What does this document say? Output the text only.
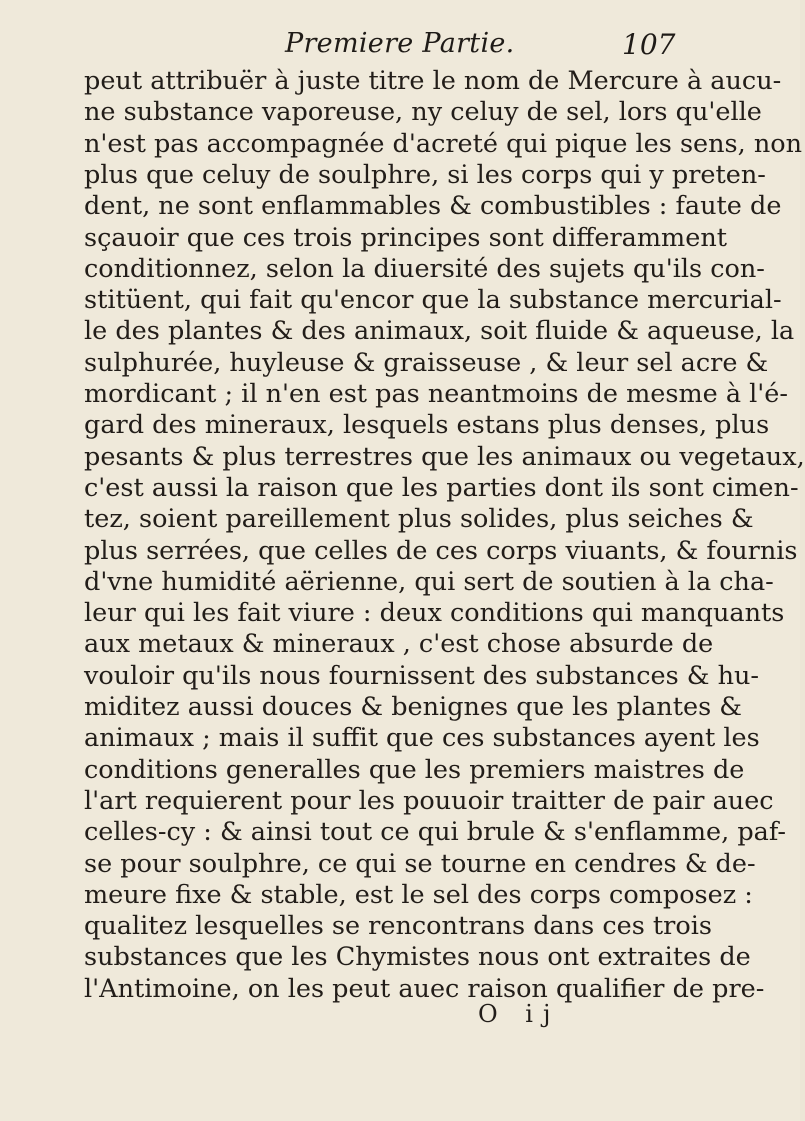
Premiere Partie.	107
peut attribuër à juste titre le nom de Mercure à aucu-
ne substance vaporeuse, ny celuy de sel, lors qu'elle
n'est pas accompagnée d'acreté qui pique les sens, non
plus que celuy de soulphre, si les corps qui y preten-
dent, ne sont enflammables & combustibles : faute de
sçauoir que ces trois principes sont differamment
conditionnez, selon la diuersité des sujets qu'ils con-
stitüent, qui fait qu'encor que la substance mercurial-
le des plantes & des animaux, soit fluide & aqueuse, la
sulphurée, huyleuse & graisseuse , & leur sel acre &
mordicant ; il n'en est pas neantmoins de mesme à l'é-
gard des mineraux, lesquels estans plus denses, plus
pesants & plus terrestres que les animaux ou vegetaux,
c'est aussi la raison que les parties dont ils sont cimen-
tez, soient pareillement plus solides, plus seiches &
plus serrées, que celles de ces corps viuants, & fournis
d'vne humidité aërienne, qui sert de soutien à la cha-
leur qui les fait viure : deux conditions qui manquants
aux metaux & mineraux , c'est chose absurde de
vouloir qu'ils nous fournissent des substances & hu-
miditez aussi douces & benignes que les plantes &
animaux ; mais il suffit que ces substances ayent les
conditions generalles que les premiers maistres de
l'art requierent pour les pouuoir traitter de pair auec
celles-cy : & ainsi tout ce qui brule & s'enflamme, paf-
se pour soulphre, ce qui se tourne en cendres & de-
meure fixe & stable, est le sel des corps composez :
qualitez lesquelles se rencontrans dans ces trois
substances que les Chymistes nous ont extraites de
l'Antimoine, on les peut auec raison qualifier de pre-
O ij
